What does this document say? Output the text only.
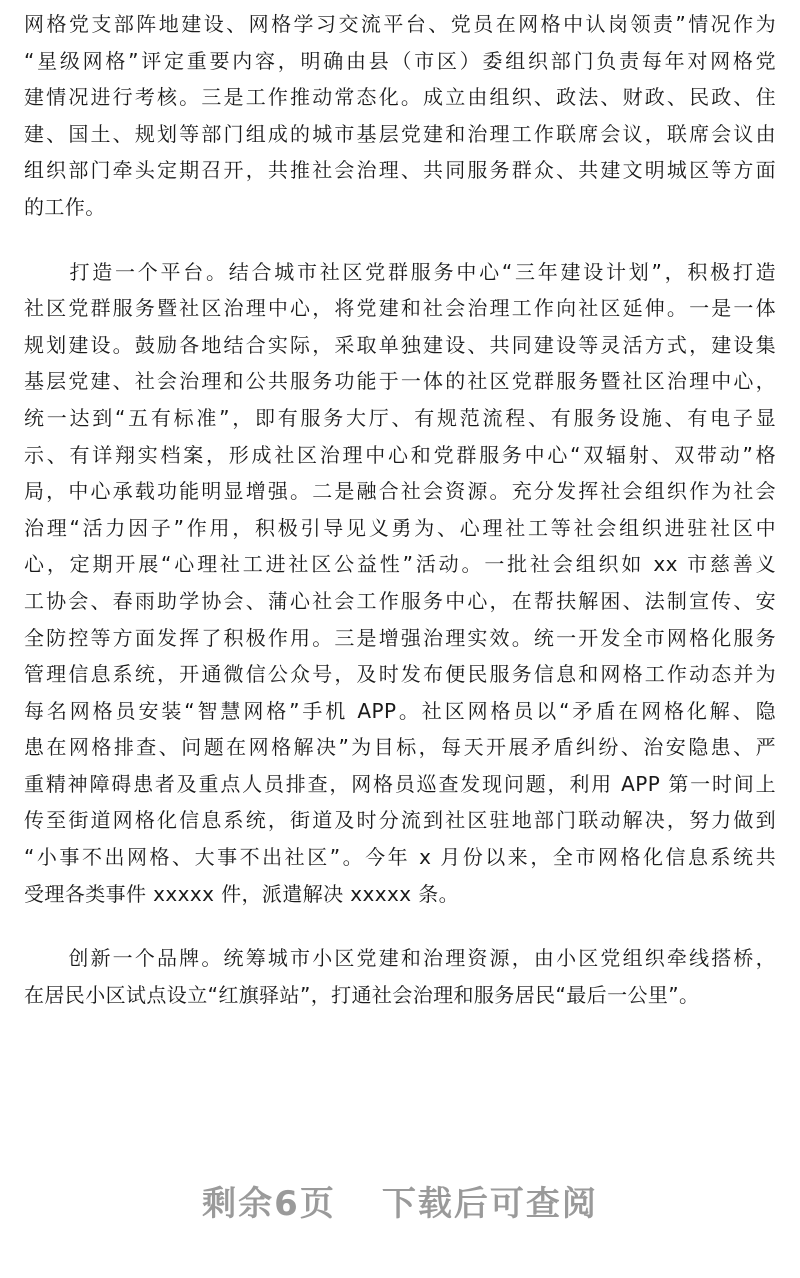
网格党支部阵地建设、网格学习交流平台、党员在网格中认岗领责”情况作为
“星级网格”评定重要内容，明确由县（市区）委组织部门负责每年对网格党
建情况进行考核。三是工作推动常态化。成立由组织、政法、财政、民政、住
建、国土、规划等部门组成的城市基层党建和治理工作联席会议，联席会议由
组织部门牵头定期召开，共推社会治理、共同服务群众、共建文明城区等方面
的工作。
　　打造一个平台。结合城市社区党群服务中心“三年建设计划”，积极打造
社区党群服务暨社区治理中心，将党建和社会治理工作向社区延伸。一是一体
规划建设。鼓励各地结合实际，采取单独建设、共同建设等灵活方式，建设集
基层党建、社会治理和公共服务功能于一体的社区党群服务暨社区治理中心，
统一达到“五有标准”，即有服务大厅、有规范流程、有服务设施、有电子显
示、有详翔实档案，形成社区治理中心和党群服务中心“双辐射、双带动”格
局，中心承载功能明显增强。二是融合社会资源。充分发挥社会组织作为社会
治理“活力因子”作用，积极引导见义勇为、心理社工等社会组织进驻社区中
心，定期开展“心理社工进社区公益性”活动。一批社会组织如 xx 市慈善义
工协会、春雨助学协会、蒲心社会工作服务中心，在帮扶解困、法制宣传、安
全防控等方面发挥了积极作用。三是增强治理实效。统一开发全市网格化服务
管理信息系统，开通微信公众号，及时发布便民服务信息和网格工作动态并为
每名网格员安装“智慧网格”手机 APP。社区网格员以“矛盾在网格化解、隐
患在网格排查、问题在网格解决”为目标，每天开展矛盾纠纷、治安隐患、严
重精神障碍患者及重点人员排查，网格员巡查发现问题，利用 APP 第一时间上
传至街道网格化信息系统，街道及时分流到社区驻地部门联动解决，努力做到
“小事不出网格、大事不出社区”。今年 x 月份以来，全市网格化信息系统共
受理各类事件 xxxxx 件，派遣解决 xxxxx 条。
　　创新一个品牌。统筹城市小区党建和治理资源，由小区党组织牵线搭桥，
在居民小区试点设立“红旗驿站”，打通社会治理和服务居民“最后一公里”。
剩余6页 下载后可查阅
